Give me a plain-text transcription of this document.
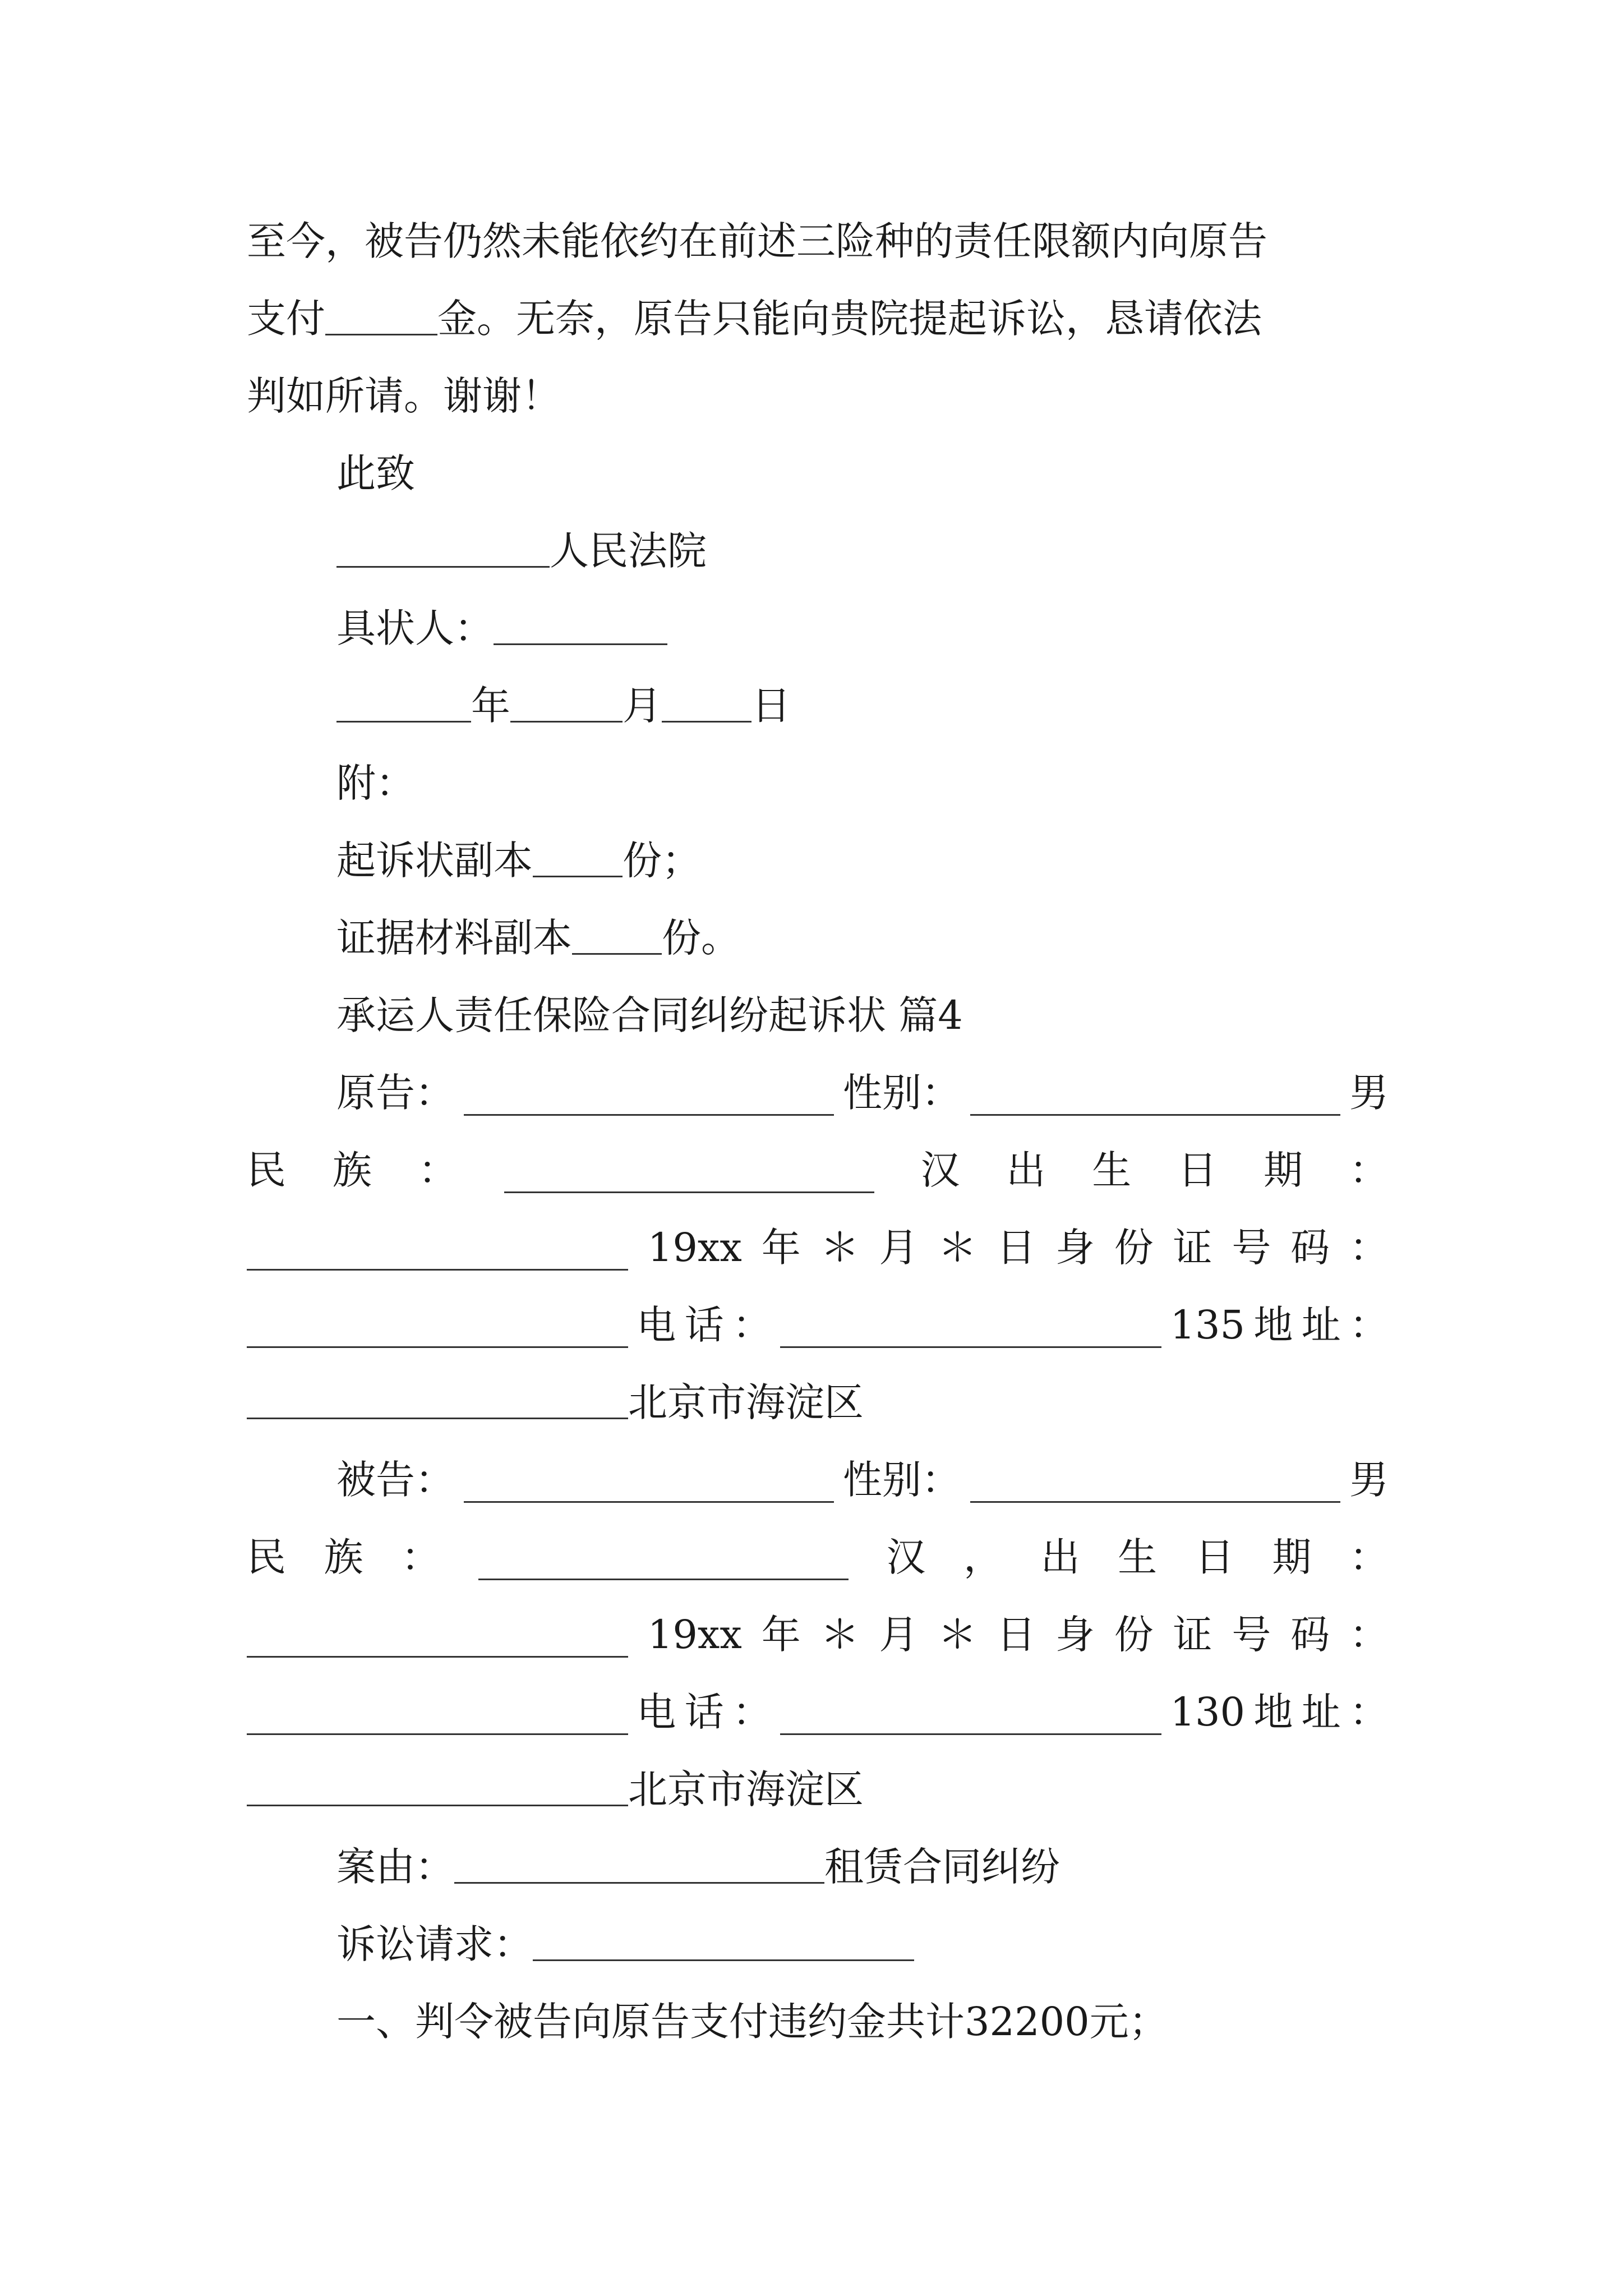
至今，被告仍然未能依约在前述三险种的责任限额内向原告
支付	金。无奈，原告只能向贵院提起诉讼，恳请依法
判如所请。谢谢！
此致
人民法院
具状人：
年	月 日
附：
起诉状副本 份；
证据材料副本 份。
承运人责任保险合同纠纷起诉状 篇4
原告：	性别：	男
民 族 ：	汉 出 生 日 期 ：
19xx 年 ＊ 月 ＊ 日 身 份 证 号 码 ：
电 话 ：	135 地 址 ：
北京市海淀区
被告：	性别：	男
民 族 ：	汉 ， 出 生 日 期 ：
19xx 年 ＊ 月 ＊ 日 身 份 证 号 码 ：
电 话 ：	130 地 址 ：
北京市海淀区
案由：	租赁合同纠纷
诉讼请求：
一、判令被告向原告支付违约金共计32200元；
